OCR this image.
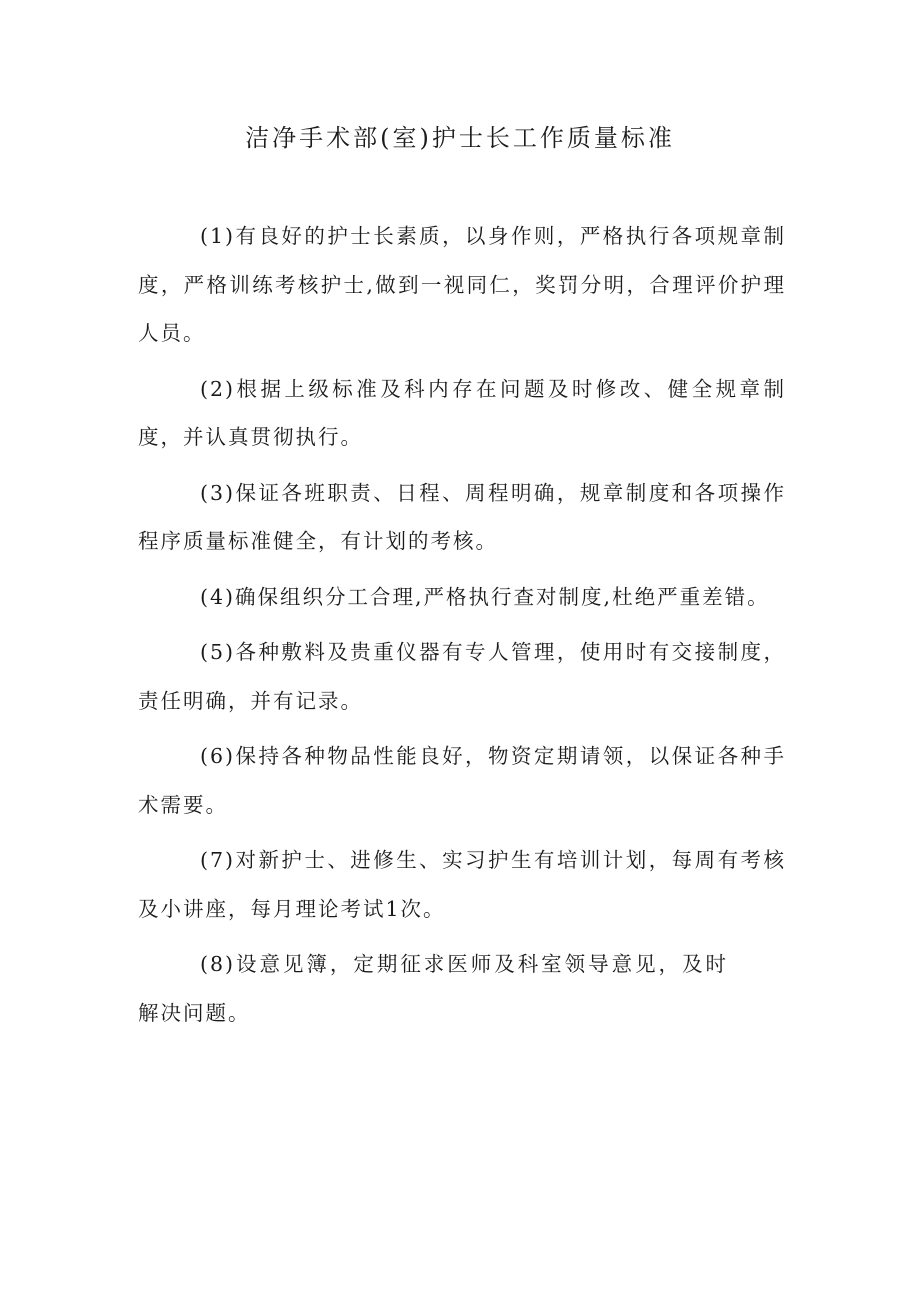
洁净手术部(室)护士长工作质量标准

(1)有良好的护士长素质，以身作则，严格执行各项规章制度，严格训练考核护士,做到一视同仁，奖罚分明，合理评价护理人员。

(2)根据上级标准及科内存在问题及时修改、健全规章制度，并认真贯彻执行。

(3)保证各班职责、日程、周程明确，规章制度和各项操作程序质量标准健全，有计划的考核。

(4)确保组织分工合理,严格执行查对制度,杜绝严重差错。

(5)各种敷料及贵重仪器有专人管理，使用时有交接制度，责任明确，并有记录。

(6)保持各种物品性能良好，物资定期请领，以保证各种手术需要。

(7)对新护士、进修生、实习护生有培训计划，每周有考核及小讲座，每月理论考试1次。

(8)设意见簿，定期征求医师及科室领导意见，及时解决问题。
